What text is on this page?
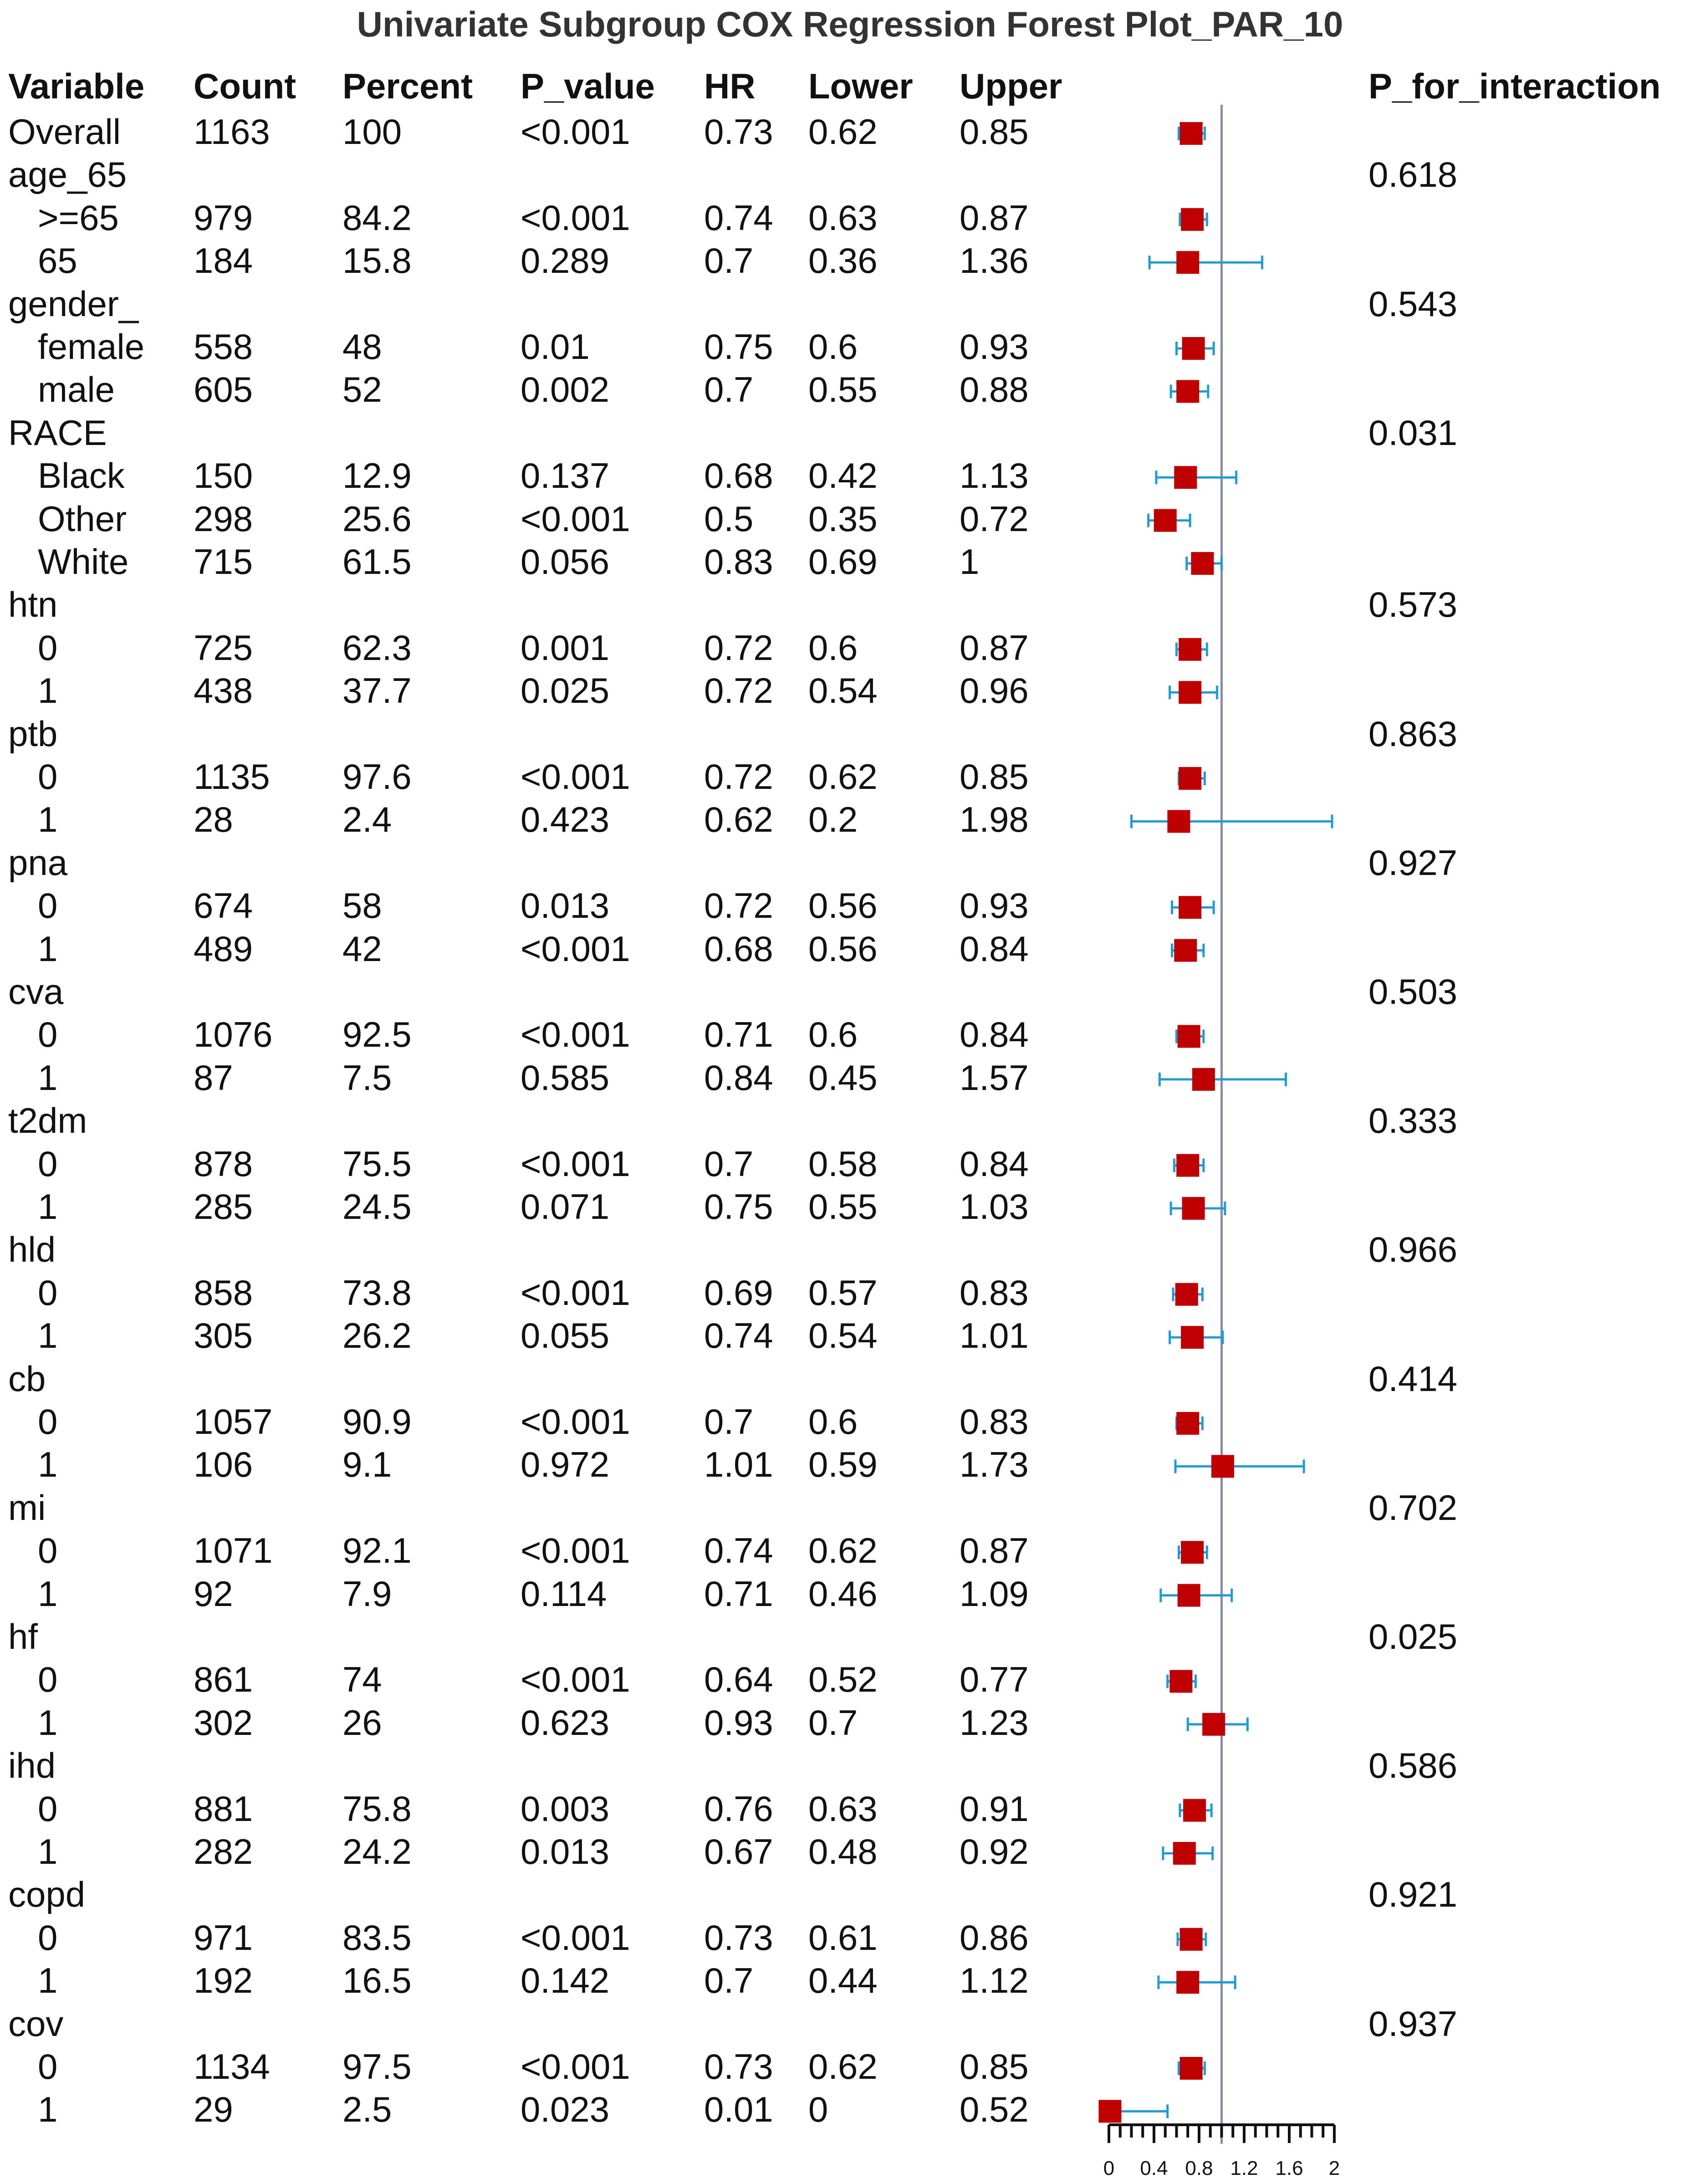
Univariate Subgroup COX Regression Forest Plot_PAR_10
Variable Count Percent P_value HR Lower Upper	P_for_interaction
Overall 1163 100	<0.001 0.73 0.62 0.85
age_65	0.618
>=65 979	84.2	<0.001 0.74 0.63 0.87
65	184	15.8	0.289	0.7 0.36 1.36
gender_	0.543
female 558	48	0.01	0.75 0.6	0.93
male 605	52	0.002	0.7 0.55 0.88
RACE	0.031
Black 150	12.9	0.137	0.68 0.42 1.13
Other 298	25.6	<0.001 0.5 0.35 0.72
White 715	61.5	0.056	0.83 0.69 1
htn	0.573
0	725	62.3	0.001	0.72 0.6	0.87
1	438	37.7	0.025	0.72 0.54 0.96
ptb	0.863
0	1135 97.6	<0.001 0.72 0.62 0.85
1	28	2.4	0.423	0.62 0.2	1.98
pna	0.927
0	674	58	0.013	0.72 0.56 0.93
1	489	42	<0.001 0.68 0.56 0.84
cva	0.503
0	1076 92.5	<0.001 0.71 0.6	0.84
1	87	7.5	0.585	0.84 0.45 1.57
t2dm	0.333
0	878	75.5	<0.001 0.7 0.58 0.84
1	285	24.5	0.071	0.75 0.55 1.03
hld	0.966
0	858	73.8	<0.001 0.69 0.57 0.83
1	305	26.2	0.055	0.74 0.54 1.01
cb	0.414
0	1057 90.9	<0.001 0.7 0.6	0.83
1	106	9.1	0.972	1.01 0.59 1.73
mi	0.702
0	1071 92.1	<0.001 0.74 0.62 0.87
1	92	7.9	0.114	0.71 0.46 1.09
hf	0.025
0	861	74	<0.001 0.64 0.52 0.77
1	302	26	0.623	0.93 0.7	1.23
ihd	0.586
0	881	75.8	0.003	0.76 0.63 0.91
1	282	24.2	0.013	0.67 0.48 0.92
copd	0.921
0	971	83.5	<0.001 0.73 0.61 0.86
1	192	16.5	0.142	0.7 0.44 1.12
cov	0.937
0	1134 97.5	<0.001 0.73 0.62 0.85
1	29	2.5	0.023	0.01 0	0.52
0 0.4 0.8 1.2 1.6 2
